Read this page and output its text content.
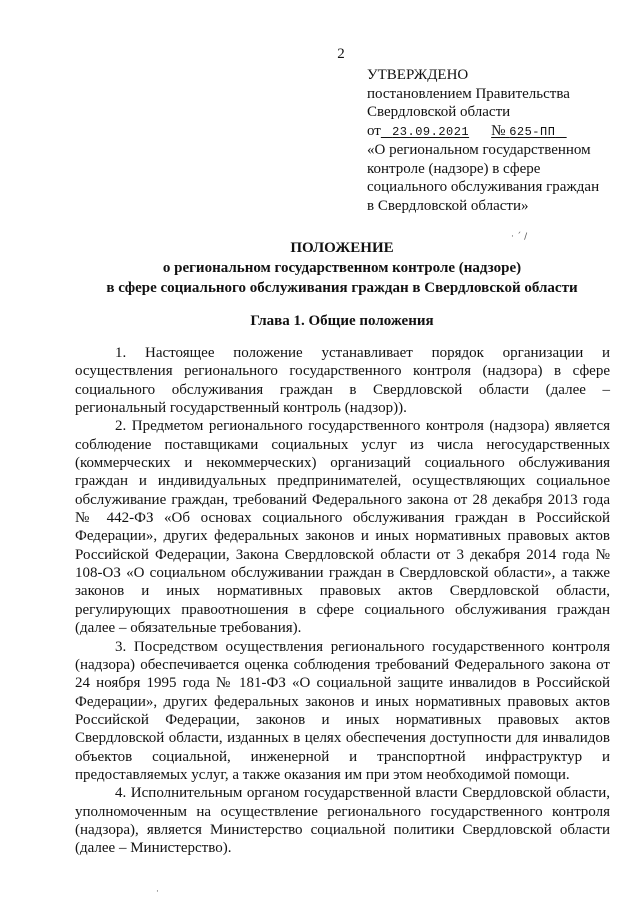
2
УТВЕРЖДЕНО
постановлением Правительства
Свердловской области
от 23.09.2021 № 625-ПП
«О региональном государственном
контроле (надзоре) в сфере
социального обслуживания граждан
в Свердловской области»
· ´ /
ПОЛОЖЕНИЕ
о региональном государственном контроле (надзоре)
в сфере социального обслуживания граждан в Свердловской области
Глава 1. Общие положения

1. Настоящее положение устанавливает порядок организации и осуществления регионального государственного контроля (надзора) в сфере социального обслуживания граждан в Свердловской области (далее – региональный государственный контроль (надзор)).

2. Предметом регионального государственного контроля (надзора) является соблюдение поставщиками социальных услуг из числа негосударственных (коммерческих и некоммерческих) организаций социального обслуживания граждан и индивидуальных предпринимателей, осуществляющих социальное обслуживание граждан, требований Федерального закона от 28 декабря 2013 года № 442-ФЗ «Об основах социального обслуживания граждан в Российской Федерации», других федеральных законов и иных нормативных правовых актов Российской Федерации, Закона Свердловской области от 3 декабря 2014 года № 108-ОЗ «О социальном обслуживании граждан в Свердловской области», а также законов и иных нормативных правовых актов Свердловской области, регулирующих правоотношения в сфере социального обслуживания граждан (далее – обязательные требования).

3. Посредством осуществления регионального государственного контроля (надзора) обеспечивается оценка соблюдения требований Федерального закона от 24 ноября 1995 года № 181-ФЗ «О социальной защите инвалидов в Российской Федерации», других федеральных законов и иных нормативных правовых актов Российской Федерации, законов и иных нормативных правовых актов Свердловской области, изданных в целях обеспечения доступности для инвалидов объектов социальной, инженерной и транспортной инфраструктур и предоставляемых услуг, а также оказания им при этом необходимой помощи.

4. Исполнительным органом государственной власти Свердловской области, уполномоченным на осуществление регионального государственного контроля (надзора), является Министерство социальной политики Свердловской области (далее – Министерство).

·
